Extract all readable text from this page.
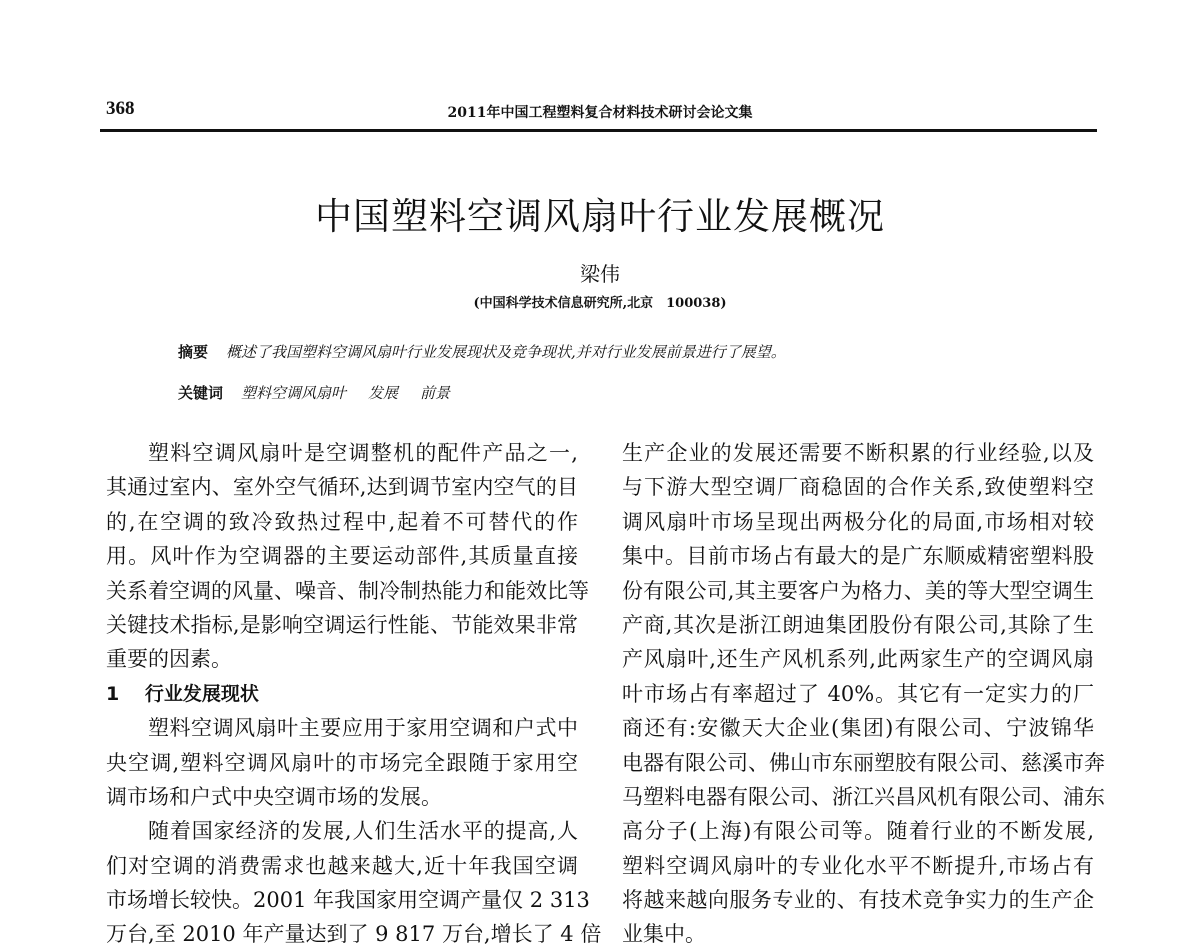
368	2011年中国工程塑料复合材料技术研讨会论文集
中国塑料空调风扇叶行业发展概况
梁伟
(中国科学技术信息研究所,北京　100038)
摘要 概述了我国塑料空调风扇叶行业发展现状及竞争现状,并对行业发展前景进行了展望。
关键词 塑料空调风扇叶 发展 前景
塑料空调风扇叶是空调整机的配件产品之一,
其通过室内、室外空气循环,达到调节室内空气的目
的,在空调的致冷致热过程中,起着不可替代的作
用。风叶作为空调器的主要运动部件,其质量直接
关系着空调的风量、噪音、制冷制热能力和能效比等
关键技术指标,是影响空调运行性能、节能效果非常
重要的因素。
1　 行业发展现状
塑料空调风扇叶主要应用于家用空调和户式中
央空调,塑料空调风扇叶的市场完全跟随于家用空
调市场和户式中央空调市场的发展。
随着国家经济的发展,人们生活水平的提高,人
们对空调的消费需求也越来越大,近十年我国空调
市场增长较快。2001 年我国家用空调产量仅 2 313
万台,至 2010 年产量达到了 9 817 万台,增长了 4 倍
生产企业的发展还需要不断积累的行业经验,以及
与下游大型空调厂商稳固的合作关系,致使塑料空
调风扇叶市场呈现出两极分化的局面,市场相对较
集中。目前市场占有最大的是广东顺威精密塑料股
份有限公司,其主要客户为格力、美的等大型空调生
产商,其次是浙江朗迪集团股份有限公司,其除了生
产风扇叶,还生产风机系列,此两家生产的空调风扇
叶市场占有率超过了 40%。其它有一定实力的厂
商还有:安徽天大企业(集团)有限公司、宁波锦华
电器有限公司、佛山市东丽塑胶有限公司、慈溪市奔
马塑料电器有限公司、浙江兴昌风机有限公司、浦东
高分子(上海)有限公司等。随着行业的不断发展,
塑料空调风扇叶的专业化水平不断提升,市场占有
将越来越向服务专业的、有技术竞争实力的生产企
业集中。
